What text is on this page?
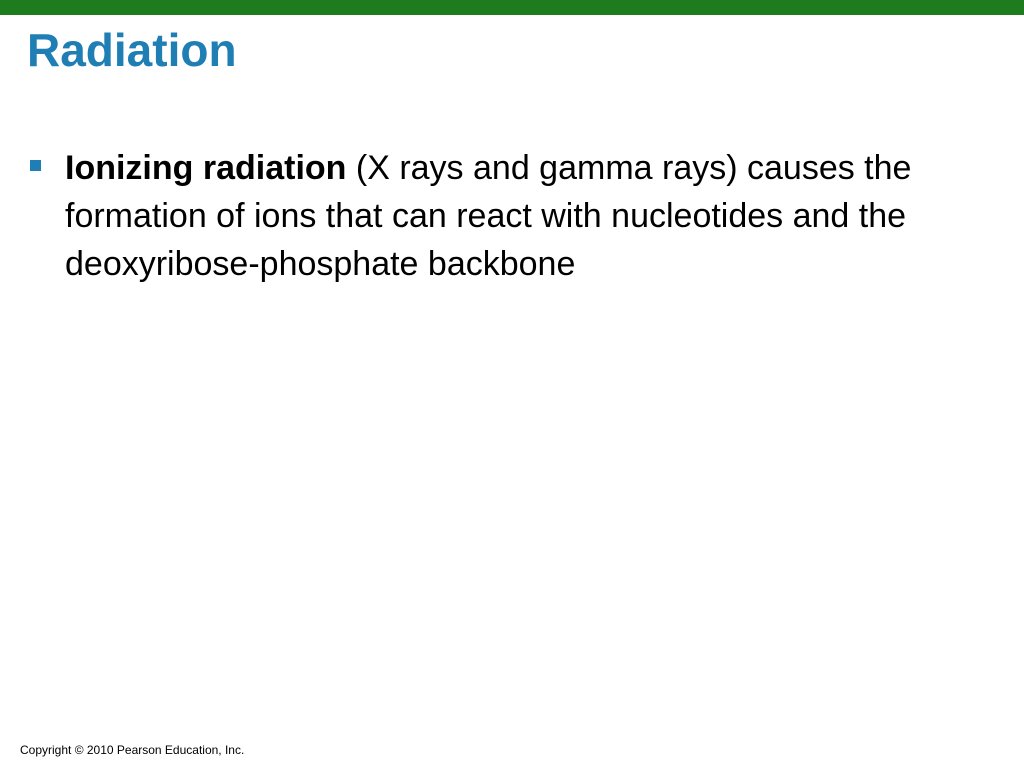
Radiation
Ionizing radiation (X rays and gamma rays) causes the formation of ions that can react with nucleotides and the deoxyribose-phosphate backbone
Copyright © 2010 Pearson Education, Inc.
